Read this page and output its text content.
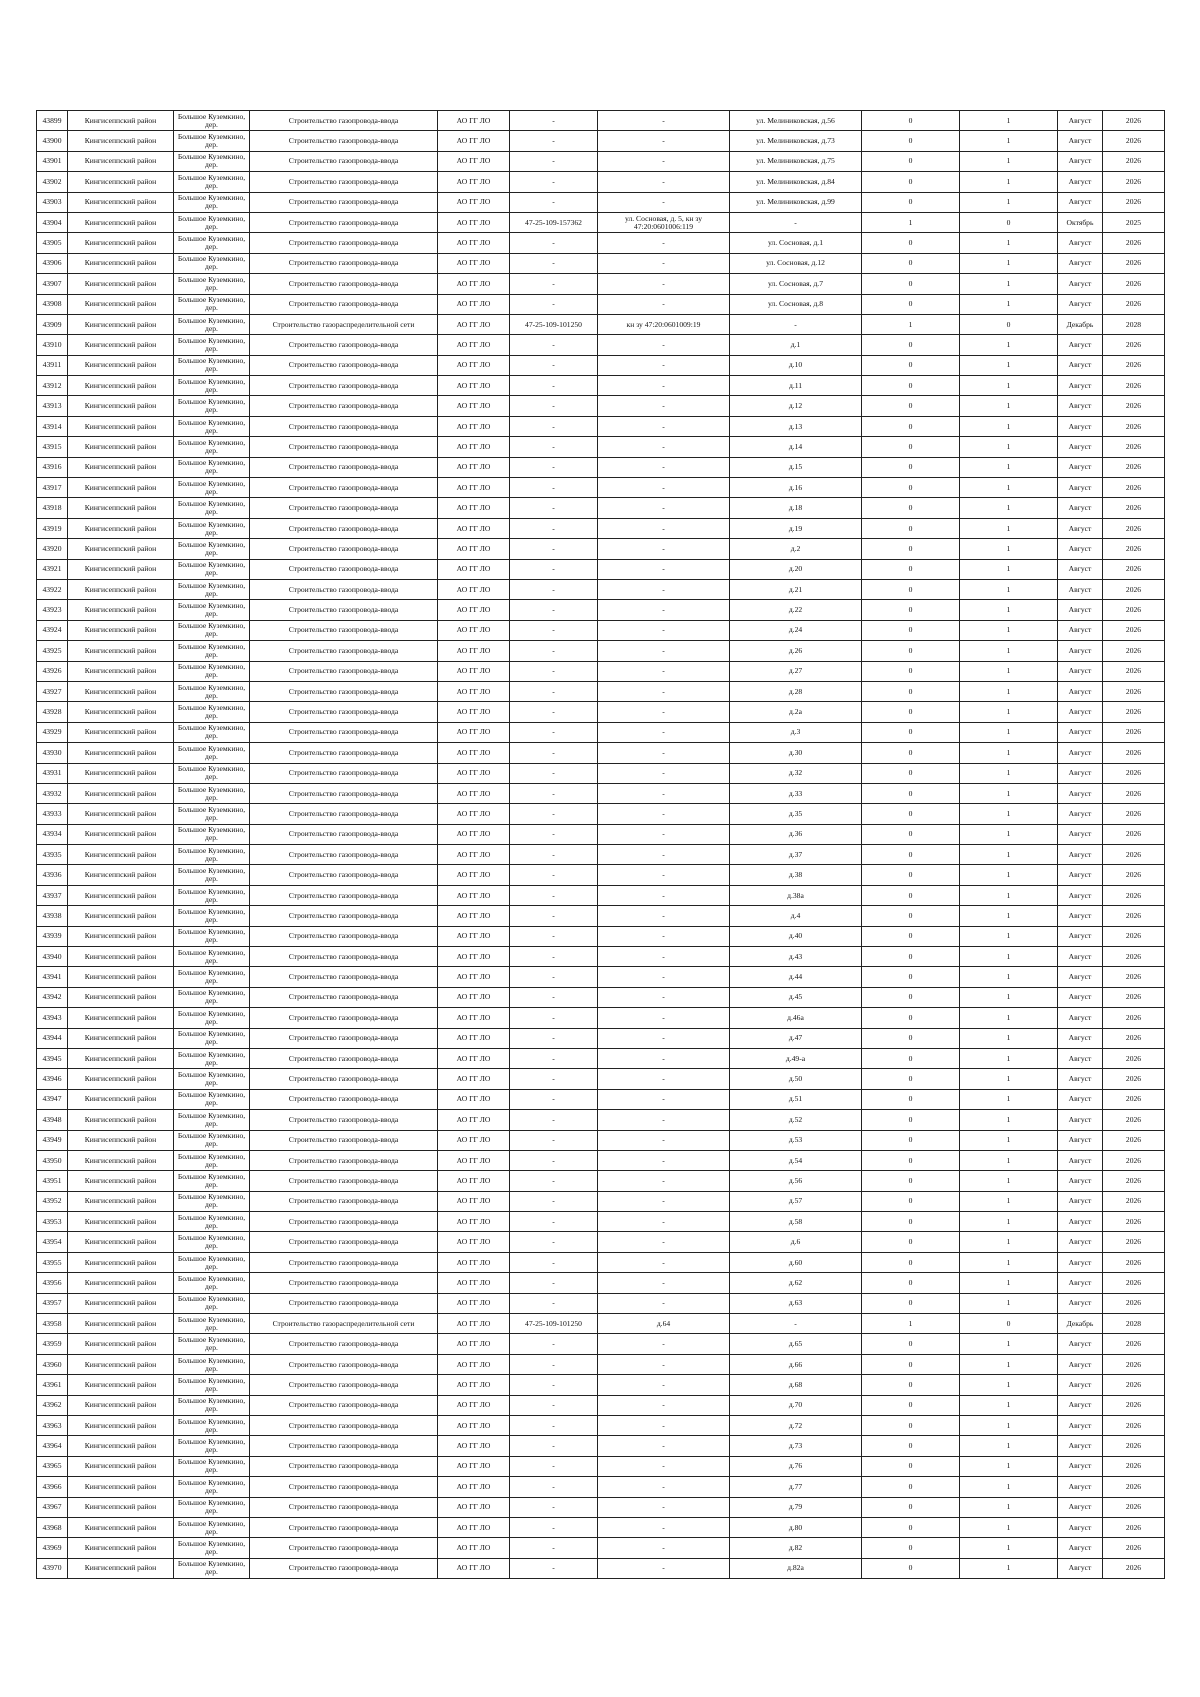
43899	Кингисеппский район	Большое Куземкино, дер.	Строительство газопровода-ввода	АО ГГ ЛО	-	-	ул. Мелиниковская, д.56	0	1	Август	2026
43900	Кингисеппский район	Большое Куземкино, дер.	Строительство газопровода-ввода	АО ГГ ЛО	-	-	ул. Мелиниковская, д.73	0	1	Август	2026
43901	Кингисеппский район	Большое Куземкино, дер.	Строительство газопровода-ввода	АО ГГ ЛО	-	-	ул. Мелиниковская, д.75	0	1	Август	2026
43902	Кингисеппский район	Большое Куземкино, дер.	Строительство газопровода-ввода	АО ГГ ЛО	-	-	ул. Мелиниковская, д.84	0	1	Август	2026
43903	Кингисеппский район	Большое Куземкино, дер.	Строительство газопровода-ввода	АО ГГ ЛО	-	-	ул. Мелиниковская, д.99	0	1	Август	2026
43904	Кингисеппский район	Большое Куземкино, дер.	Строительство газопровода-ввода	АО ГГ ЛО	47-25-109-157362	ул. Сосновая, д. 5, кн зу 47:20:0601006:119	-	1	0	Октябрь	2025
43905	Кингисеппский район	Большое Куземкино, дер.	Строительство газопровода-ввода	АО ГГ ЛО	-	-	ул. Сосновая, д.1	0	1	Август	2026
43906	Кингисеппский район	Большое Куземкино, дер.	Строительство газопровода-ввода	АО ГГ ЛО	-	-	ул. Сосновая, д.12	0	1	Август	2026
43907	Кингисеппский район	Большое Куземкино, дер.	Строительство газопровода-ввода	АО ГГ ЛО	-	-	ул. Сосновая, д.7	0	1	Август	2026
43908	Кингисеппский район	Большое Куземкино, дер.	Строительство газопровода-ввода	АО ГГ ЛО	-	-	ул. Сосновая, д.8	0	1	Август	2026
43909	Кингисеппский район	Большое Куземкино, дер.	Строительство газораспределительной сети	АО ГГ ЛО	47-25-109-101250	кн зу 47:20:0601009:19	-	1	0	Декабрь	2028
43910	Кингисеппский район	Большое Куземкино, дер.	Строительство газопровода-ввода	АО ГГ ЛО	-	-	д.1	0	1	Август	2026
43911	Кингисеппский район	Большое Куземкино, дер.	Строительство газопровода-ввода	АО ГГ ЛО	-	-	д.10	0	1	Август	2026
43912	Кингисеппский район	Большое Куземкино, дер.	Строительство газопровода-ввода	АО ГГ ЛО	-	-	д.11	0	1	Август	2026
43913	Кингисеппский район	Большое Куземкино, дер.	Строительство газопровода-ввода	АО ГГ ЛО	-	-	д.12	0	1	Август	2026
43914	Кингисеппский район	Большое Куземкино, дер.	Строительство газопровода-ввода	АО ГГ ЛО	-	-	д.13	0	1	Август	2026
43915	Кингисеппский район	Большое Куземкино, дер.	Строительство газопровода-ввода	АО ГГ ЛО	-	-	д.14	0	1	Август	2026
43916	Кингисеппский район	Большое Куземкино, дер.	Строительство газопровода-ввода	АО ГГ ЛО	-	-	д.15	0	1	Август	2026
43917	Кингисеппский район	Большое Куземкино, дер.	Строительство газопровода-ввода	АО ГГ ЛО	-	-	д.16	0	1	Август	2026
43918	Кингисеппский район	Большое Куземкино, дер.	Строительство газопровода-ввода	АО ГГ ЛО	-	-	д.18	0	1	Август	2026
43919	Кингисеппский район	Большое Куземкино, дер.	Строительство газопровода-ввода	АО ГГ ЛО	-	-	д.19	0	1	Август	2026
43920	Кингисеппский район	Большое Куземкино, дер.	Строительство газопровода-ввода	АО ГГ ЛО	-	-	д.2	0	1	Август	2026
43921	Кингисеппский район	Большое Куземкино, дер.	Строительство газопровода-ввода	АО ГГ ЛО	-	-	д.20	0	1	Август	2026
43922	Кингисеппский район	Большое Куземкино, дер.	Строительство газопровода-ввода	АО ГГ ЛО	-	-	д.21	0	1	Август	2026
43923	Кингисеппский район	Большое Куземкино, дер.	Строительство газопровода-ввода	АО ГГ ЛО	-	-	д.22	0	1	Август	2026
43924	Кингисеппский район	Большое Куземкино, дер.	Строительство газопровода-ввода	АО ГГ ЛО	-	-	д.24	0	1	Август	2026
43925	Кингисеппский район	Большое Куземкино, дер.	Строительство газопровода-ввода	АО ГГ ЛО	-	-	д.26	0	1	Август	2026
43926	Кингисеппский район	Большое Куземкино, дер.	Строительство газопровода-ввода	АО ГГ ЛО	-	-	д.27	0	1	Август	2026
43927	Кингисеппский район	Большое Куземкино, дер.	Строительство газопровода-ввода	АО ГГ ЛО	-	-	д.28	0	1	Август	2026
43928	Кингисеппский район	Большое Куземкино, дер.	Строительство газопровода-ввода	АО ГГ ЛО	-	-	д.2а	0	1	Август	2026
43929	Кингисеппский район	Большое Куземкино, дер.	Строительство газопровода-ввода	АО ГГ ЛО	-	-	д.3	0	1	Август	2026
43930	Кингисеппский район	Большое Куземкино, дер.	Строительство газопровода-ввода	АО ГГ ЛО	-	-	д.30	0	1	Август	2026
43931	Кингисеппский район	Большое Куземкино, дер.	Строительство газопровода-ввода	АО ГГ ЛО	-	-	д.32	0	1	Август	2026
43932	Кингисеппский район	Большое Куземкино, дер.	Строительство газопровода-ввода	АО ГГ ЛО	-	-	д.33	0	1	Август	2026
43933	Кингисеппский район	Большое Куземкино, дер.	Строительство газопровода-ввода	АО ГГ ЛО	-	-	д.35	0	1	Август	2026
43934	Кингисеппский район	Большое Куземкино, дер.	Строительство газопровода-ввода	АО ГГ ЛО	-	-	д.36	0	1	Август	2026
43935	Кингисеппский район	Большое Куземкино, дер.	Строительство газопровода-ввода	АО ГГ ЛО	-	-	д.37	0	1	Август	2026
43936	Кингисеппский район	Большое Куземкино, дер.	Строительство газопровода-ввода	АО ГГ ЛО	-	-	д.38	0	1	Август	2026
43937	Кингисеппский район	Большое Куземкино, дер.	Строительство газопровода-ввода	АО ГГ ЛО	-	-	д.38а	0	1	Август	2026
43938	Кингисеппский район	Большое Куземкино, дер.	Строительство газопровода-ввода	АО ГГ ЛО	-	-	д.4	0	1	Август	2026
43939	Кингисеппский район	Большое Куземкино, дер.	Строительство газопровода-ввода	АО ГГ ЛО	-	-	д.40	0	1	Август	2026
43940	Кингисеппский район	Большое Куземкино, дер.	Строительство газопровода-ввода	АО ГГ ЛО	-	-	д.43	0	1	Август	2026
43941	Кингисеппский район	Большое Куземкино, дер.	Строительство газопровода-ввода	АО ГГ ЛО	-	-	д.44	0	1	Август	2026
43942	Кингисеппский район	Большое Куземкино, дер.	Строительство газопровода-ввода	АО ГГ ЛО	-	-	д.45	0	1	Август	2026
43943	Кингисеппский район	Большое Куземкино, дер.	Строительство газопровода-ввода	АО ГГ ЛО	-	-	д.46а	0	1	Август	2026
43944	Кингисеппский район	Большое Куземкино, дер.	Строительство газопровода-ввода	АО ГГ ЛО	-	-	д.47	0	1	Август	2026
43945	Кингисеппский район	Большое Куземкино, дер.	Строительство газопровода-ввода	АО ГГ ЛО	-	-	д.49-а	0	1	Август	2026
43946	Кингисеппский район	Большое Куземкино, дер.	Строительство газопровода-ввода	АО ГГ ЛО	-	-	д.50	0	1	Август	2026
43947	Кингисеппский район	Большое Куземкино, дер.	Строительство газопровода-ввода	АО ГГ ЛО	-	-	д.51	0	1	Август	2026
43948	Кингисеппский район	Большое Куземкино, дер.	Строительство газопровода-ввода	АО ГГ ЛО	-	-	д.52	0	1	Август	2026
43949	Кингисеппский район	Большое Куземкино, дер.	Строительство газопровода-ввода	АО ГГ ЛО	-	-	д.53	0	1	Август	2026
43950	Кингисеппский район	Большое Куземкино, дер.	Строительство газопровода-ввода	АО ГГ ЛО	-	-	д.54	0	1	Август	2026
43951	Кингисеппский район	Большое Куземкино, дер.	Строительство газопровода-ввода	АО ГГ ЛО	-	-	д.56	0	1	Август	2026
43952	Кингисеппский район	Большое Куземкино, дер.	Строительство газопровода-ввода	АО ГГ ЛО	-	-	д.57	0	1	Август	2026
43953	Кингисеппский район	Большое Куземкино, дер.	Строительство газопровода-ввода	АО ГГ ЛО	-	-	д.58	0	1	Август	2026
43954	Кингисеппский район	Большое Куземкино, дер.	Строительство газопровода-ввода	АО ГГ ЛО	-	-	д.6	0	1	Август	2026
43955	Кингисеппский район	Большое Куземкино, дер.	Строительство газопровода-ввода	АО ГГ ЛО	-	-	д.60	0	1	Август	2026
43956	Кингисеппский район	Большое Куземкино, дер.	Строительство газопровода-ввода	АО ГГ ЛО	-	-	д.62	0	1	Август	2026
43957	Кингисеппский район	Большое Куземкино, дер.	Строительство газопровода-ввода	АО ГГ ЛО	-	-	д.63	0	1	Август	2026
43958	Кингисеппский район	Большое Куземкино, дер.	Строительство газораспределительной сети	АО ГГ ЛО	47-25-109-101250	д.64	-	1	0	Декабрь	2028
43959	Кингисеппский район	Большое Куземкино, дер.	Строительство газопровода-ввода	АО ГГ ЛО	-	-	д.65	0	1	Август	2026
43960	Кингисеппский район	Большое Куземкино, дер.	Строительство газопровода-ввода	АО ГГ ЛО	-	-	д.66	0	1	Август	2026
43961	Кингисеппский район	Большое Куземкино, дер.	Строительство газопровода-ввода	АО ГГ ЛО	-	-	д.68	0	1	Август	2026
43962	Кингисеппский район	Большое Куземкино, дер.	Строительство газопровода-ввода	АО ГГ ЛО	-	-	д.70	0	1	Август	2026
43963	Кингисеппский район	Большое Куземкино, дер.	Строительство газопровода-ввода	АО ГГ ЛО	-	-	д.72	0	1	Август	2026
43964	Кингисеппский район	Большое Куземкино, дер.	Строительство газопровода-ввода	АО ГГ ЛО	-	-	д.73	0	1	Август	2026
43965	Кингисеппский район	Большое Куземкино, дер.	Строительство газопровода-ввода	АО ГГ ЛО	-	-	д.76	0	1	Август	2026
43966	Кингисеппский район	Большое Куземкино, дер.	Строительство газопровода-ввода	АО ГГ ЛО	-	-	д.77	0	1	Август	2026
43967	Кингисеппский район	Большое Куземкино, дер.	Строительство газопровода-ввода	АО ГГ ЛО	-	-	д.79	0	1	Август	2026
43968	Кингисеппский район	Большое Куземкино, дер.	Строительство газопровода-ввода	АО ГГ ЛО	-	-	д.80	0	1	Август	2026
43969	Кингисеппский район	Большое Куземкино, дер.	Строительство газопровода-ввода	АО ГГ ЛО	-	-	д.82	0	1	Август	2026
43970	Кингисеппский район	Большое Куземкино, дер.	Строительство газопровода-ввода	АО ГГ ЛО	-	-	д.82а	0	1	Август	2026
